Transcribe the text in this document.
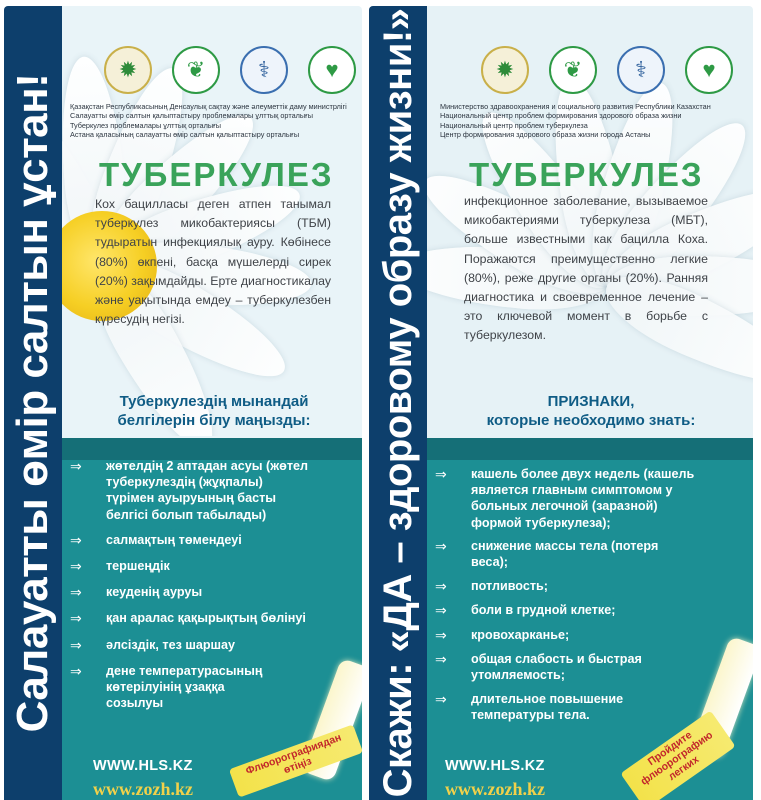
Салауатты өмір салтын ұстан!
✹	❦	⚕	♥
Қазақстан Республикасының Денсаулық сақтау және әлеуметтік даму министрлігі
Салауатты өмір салтын қалыптастыру проблемалары ұлттық орталығы
Туберкулез проблемалары ұлттық орталығы
Астана қаласының салауатты өмір салтын қалыптастыру орталығы
ТУБЕРКУЛЕЗ
Кох бацилласы деген атпен танымал туберкулез микобактериясы (ТБМ) тудыратын инфекциялық ауру. Көбінесе (80%) өкпені, басқа мүшелерді сирек (20%) зақымдайды. Ерте диагностикалау және уақытында емдеу – туберкулезбен күресудің негізі.
Туберкулездің мынандай
белгілерін білу маңызды:
⇒ жөтелдің 2 аптадан асуы (жөтел туберкулездің (жұқпалы) түрімен ауыруының басты белгісі болып табылады)
⇒ салмақтың төмендеуі
⇒ тершеңдік
⇒ кеуденің ауруы
⇒ қан аралас қақырықтың бөлінуі
⇒ әлсіздік, тез шаршау
⇒ дене температурасының көтерілуінің ұзаққа созылуы
Флюорографиядан өтіңіз
WWW.HLS.KZ
www.zozh.kz	Скажи: «ДА – здоровому образу жизни!»	✹	❦	⚕	♥
Министерство здравоохранения и социального развития Республики Казахстан
Национальный центр проблем формирования здорового образа жизни
Национальный центр проблем туберкулеза
Центр формирования здорового образа жизни города Астаны
ТУБЕРКУЛЕЗ
инфекционное заболевание, вызываемое микобактериями туберкулеза (МБТ), больше известными как бацилла Коха. Поражаются преимущественно легкие (80%), реже другие органы (20%). Ранняя диагностика и своевременное лечение – это ключевой момент в борьбе с туберкулезом.
ПРИЗНАКИ,
которые необходимо знать:
⇒ кашель более двух недель (кашель является главным симптомом у больных легочной (заразной) формой туберкулеза);
⇒ снижение массы тела (потеря веса);
⇒ потливость;
⇒ боли в грудной клетке;
⇒ кровохарканье;
⇒ общая слабость и быстрая утомляемость;
⇒ длительное повышение температуры тела.
Пройдите флюорографию легких
WWW.HLS.KZ
www.zozh.kz
